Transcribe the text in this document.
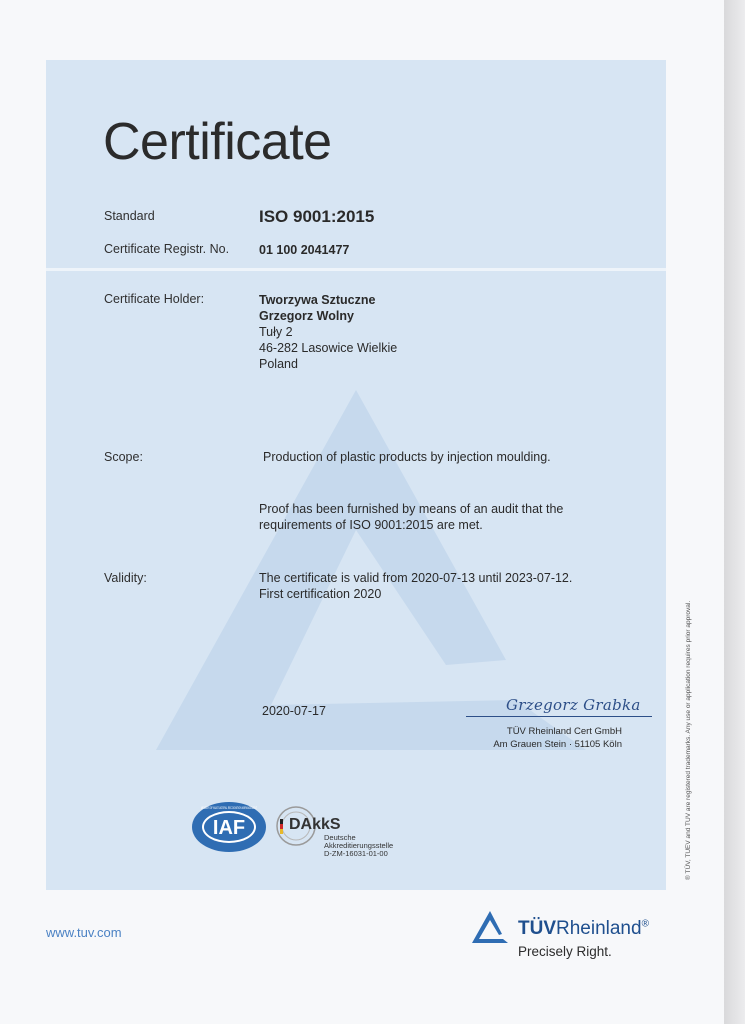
Certificate
Standard	ISO 9001:2015
Certificate Registr. No. 01 100 2041477
Certificate Holder:	Tworzywa Sztuczne
Grzegorz Wolny
Tuły 2
46-282 Lasowice Wielkie
Poland
Scope:	Production of plastic products by injection moulding.
Proof has been furnished by means of an audit that the
requirements of ISO 9001:2015 are met.
Validity:	The certificate is valid from 2020-07-13 until 2023-07-12.
First certification 2020
2020-07-17	Grzegorz Grabka
TÜV Rheinland Cert GmbH
Am Grauen Stein · 51105 Köln
IAF
MEMBER OF MULTILATERAL RECOGNITION ARRANGEMENT
DAkkS
Deutsche
Akkreditierungsstelle
D-ZM-16031-01-00
www.tuv.com	TÜVRheinland®
Precisely Right.
® TÜV, TUEV and TUV are registered trademarks. Any use or application requires prior approval.
